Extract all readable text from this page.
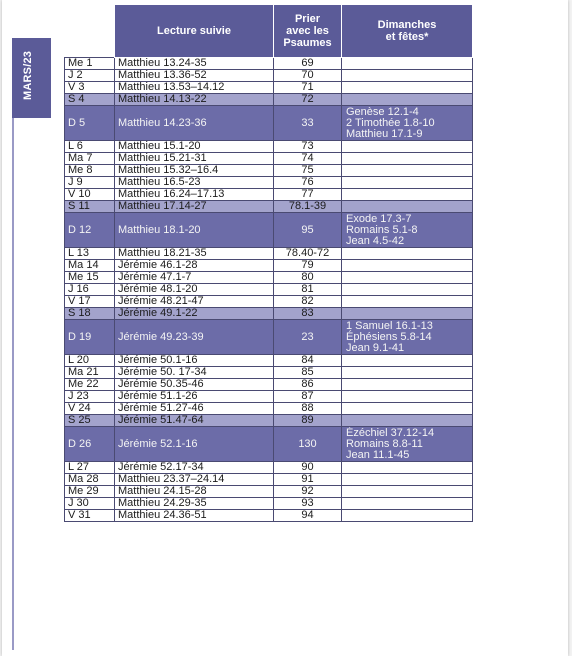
MARS/23
	Lecture suivie	Prier
avec les
Psaumes	Dimanches
et fêtes*
Me 1	Matthieu 13.24-35	69	
J 2	Matthieu 13.36-52	70	
V 3	Matthieu 13.53–14.12	71	
S 4	Matthieu 14.13-22	72	
D 5	Matthieu 14.23-36	33	Genèse 12.1-4
2 Timothée 1.8-10
Matthieu 17.1-9

L 6	Matthieu 15.1-20	73	
Ma 7	Matthieu 15.21-31	74	
Me 8	Matthieu 15.32–16.4	75	
J 9	Matthieu 16.5-23	76	
V 10	Matthieu 16.24–17.13	77	
S 11	Matthieu 17.14-27	78.1-39	
D 12	Matthieu 18.1-20	95	Exode 17.3-7
Romains 5.1-8
Jean 4.5-42

L 13	Matthieu 18.21-35	78.40-72	
Ma 14	Jérémie 46.1-28	79	
Me 15	Jérémie 47.1-7	80	
J 16	Jérémie 48.1-20	81	
V 17	Jérémie 48.21-47	82	
S 18	Jérémie 49.1-22	83	
D 19	Jérémie 49.23-39	23	1 Samuel 16.1-13
Éphésiens 5.8-14
Jean 9.1-41

L 20	Jérémie 50.1-16	84	
Ma 21	Jérémie 50. 17-34	85	
Me 22	Jérémie 50.35-46	86	
J 23	Jérémie 51.1-26	87	
V 24	Jérémie 51.27-46	88	
S 25	Jérémie 51.47-64	89	
D 26	Jérémie 52.1-16	130	Ézéchiel 37.12-14
Romains 8.8-11
Jean 11.1-45

L 27	Jérémie 52.17-34	90	
Ma 28	Matthieu 23.37–24.14	91	
Me 29	Matthieu 24.15-28	92	
J 30	Matthieu 24.29-35	93	
V 31	Matthieu 24.36-51	94	
